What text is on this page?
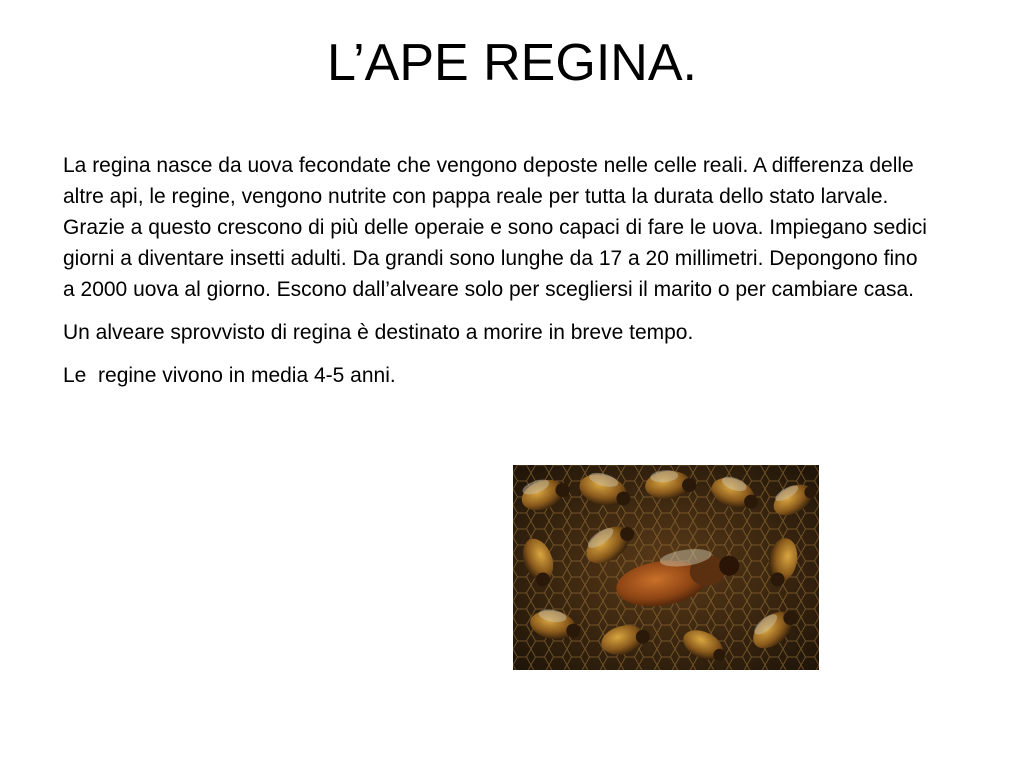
L’APE REGINA.

La regina nasce da uova fecondate che vengono deposte nelle celle reali. A differenza delle altre api, le regine, vengono nutrite con pappa reale per tutta la durata dello stato larvale. Grazie a questo crescono di più delle operaie e sono capaci di fare le uova. Impiegano sedici giorni a diventare insetti adulti. Da grandi sono lunghe da 17 a 20 millimetri. Depongono fino a 2000 uova al giorno. Escono dall’alveare solo per scegliersi il marito o per cambiare casa.

Un alveare sprovvisto di regina è destinato a morire in breve tempo.

Le  regine vivono in media 4-5 anni.
